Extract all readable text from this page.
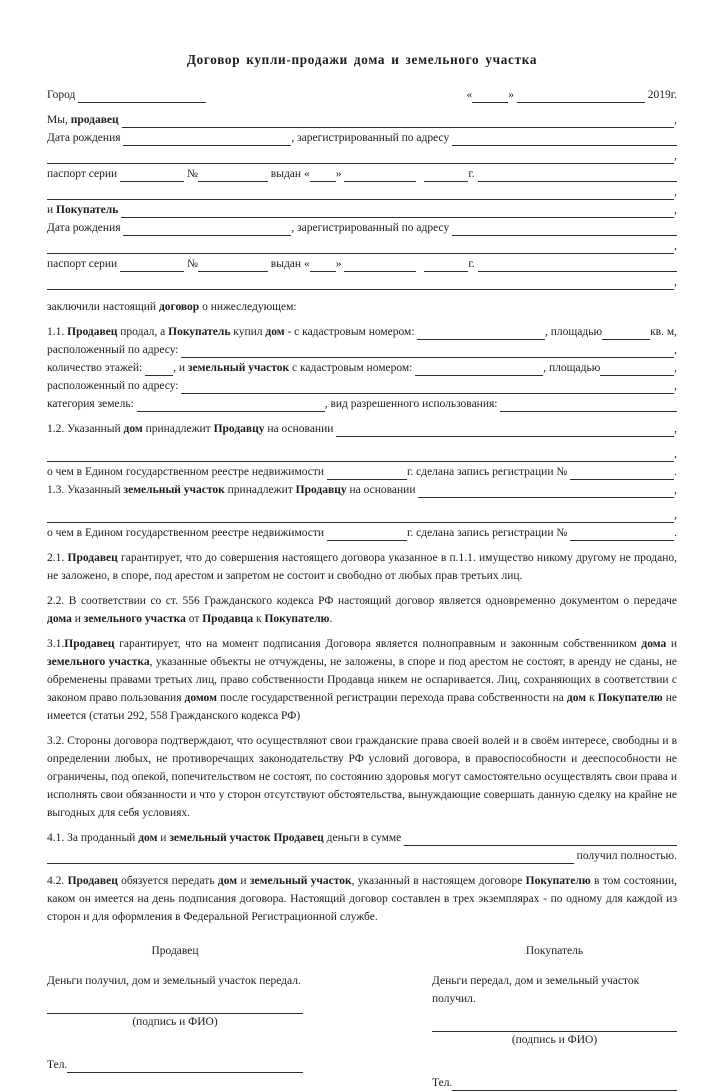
Договор купли-продажи дома и земельного участка
Город

	«
	»
	2019г.
Мы, продавец

	,
Дата рождения
	, зарегистрированный по адресу

,
паспорт серии
	№
	выдан «
»

	г.

,
и Покупатель

	,
Дата рождения
	, зарегистрированный по адресу

,
паспорт серии
	№
	выдан «
»

	г.

,
заключили настоящий договор о нижеследующем:
1.1. Продавец продал, а Покупатель купил дом - с кадастровым номером:
	, площадью
	кв. м,
расположенный по адресу:
	,
количество этажей:
, и земельный участок с кадастровым номером:
	, площадью
	,
расположенный по адресу:
	,
категория земель:
	, вид разрешенного использования:

1.2. Указанный дом принадлежит Продавцу на основании
	,

,
о чем в Едином государственном реестре недвижимости
	г. сделана запись регистрации №
	.
1.3. Указанный земельный участок принадлежит Продавцу на основании
	,

,
о чем в Едином государственном реестре недвижимости
	г. сделана запись регистрации №
	.
2.1. Продавец гарантирует, что до совершения настоящего договора указанное в п.1.1. имущество никому другому не продано, не заложено, в споре, под арестом и запретом не состоит и свободно от любых прав третьих лиц.
2.2. В соответствии со ст. 556 Гражданского кодекса РФ настоящий договор является одновременно документом о передаче дома и земельного участка от Продавца к Покупателю.
3.1.Продавец гарантирует, что на момент подписания Договора является полноправным и законным собственником дома и земельного участка, указанные объекты не отчуждены, не заложены, в споре и под арестом не состоят, в аренду не сданы, не обременены правами третьих лиц, право собственности Продавца никем не оспаривается. Лиц, сохраняющих в соответствии с законом право пользования домом после государственной регистрации перехода права собственности на дом к Покупателю не имеется (статьи 292, 558 Гражданского кодекса РФ)
3.2. Стороны договора подтверждают, что осуществляют свои гражданские права своей волей и в своём интересе, свободны и в определении любых, не противоречащих законодательству РФ условий договора, в правоспособности и дееспособности не ограничены, под опекой, попечительством не состоят, по состоянию здоровья могут самостоятельно осуществлять свои права и исполнять свои обязанности и что у сторон отсутствуют обстоятельства, вынуждающие совершать данную сделку на крайне не выгодных для себя условиях.
4.1. За проданный дом и земельный участок
Продавец деньги в сумме

получил полностью.
4.2. Продавец обязуется передать дом и земельный участок, указанный в настоящем договоре Покупателю в том состоянии, каком он имеется на день подписания договора. Настоящий договор составлен в трех экземплярах - по одному для каждой из сторон и для оформления в Федеральной Регистрационной службе.
Продавец
Деньги получил, дом и земельный участок передал.
(подпись и ФИО)
Тел.

Покупатель
Деньги передал, дом и земельный участок получил.
(подпись и ФИО)
Тел.
